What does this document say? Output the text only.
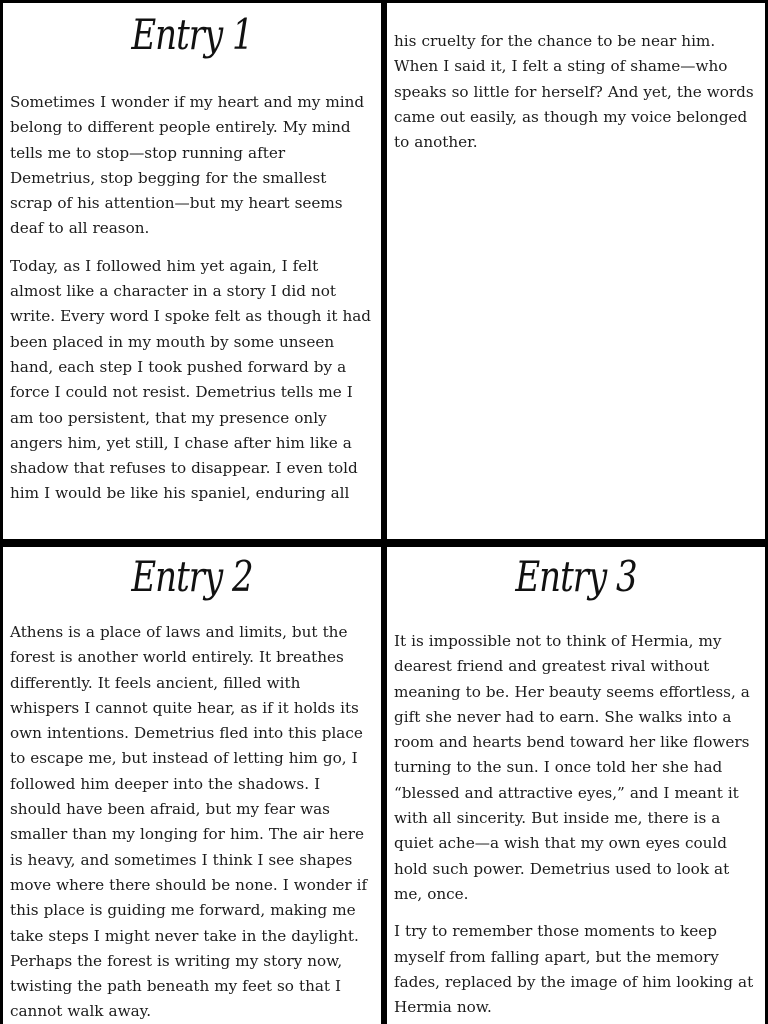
Entry 1

Sometimes I wonder if my heart and my mind belong to different people entirely. My mind tells me to stop—stop running after Demetrius, stop begging for the smallest scrap of his attention—but my heart seems deaf to all reason.

Today, as I followed him yet again, I felt almost like a character in a story I did not write. Every word I spoke felt as though it had been placed in my mouth by some unseen hand, each step I took pushed forward by a force I could not resist. Demetrius tells me I am too persistent, that my presence only angers him, yet still, I chase after him like a shadow that refuses to disappear. I even told him I would be like his spaniel, enduring all

his cruelty for the chance to be near him. When I said it, I felt a sting of shame—who speaks so little for herself? And yet, the words came out easily, as though my voice belonged to another.

Entry 2

Athens is a place of laws and limits, but the forest is another world entirely. It breathes differently. It feels ancient, filled with whispers I cannot quite hear, as if it holds its own intentions. Demetrius fled into this place to escape me, but instead of letting him go, I followed him deeper into the shadows. I should have been afraid, but my fear was smaller than my longing for him. The air here is heavy, and sometimes I think I see shapes move where there should be none. I wonder if this place is guiding me forward, making me take steps I might never take in the daylight. Perhaps the forest is writing my story now, twisting the path beneath my feet so that I cannot walk away.

Entry 3

It is impossible not to think of Hermia, my dearest friend and greatest rival without meaning to be. Her beauty seems effortless, a gift she never had to earn. She walks into a room and hearts bend toward her like flowers turning to the sun. I once told her she had “blessed and attractive eyes,” and I meant it with all sincerity. But inside me, there is a quiet ache—a wish that my own eyes could hold such power. Demetrius used to look at me, once.

I try to remember those moments to keep myself from falling apart, but the memory fades, replaced by the image of him looking at Hermia now.
